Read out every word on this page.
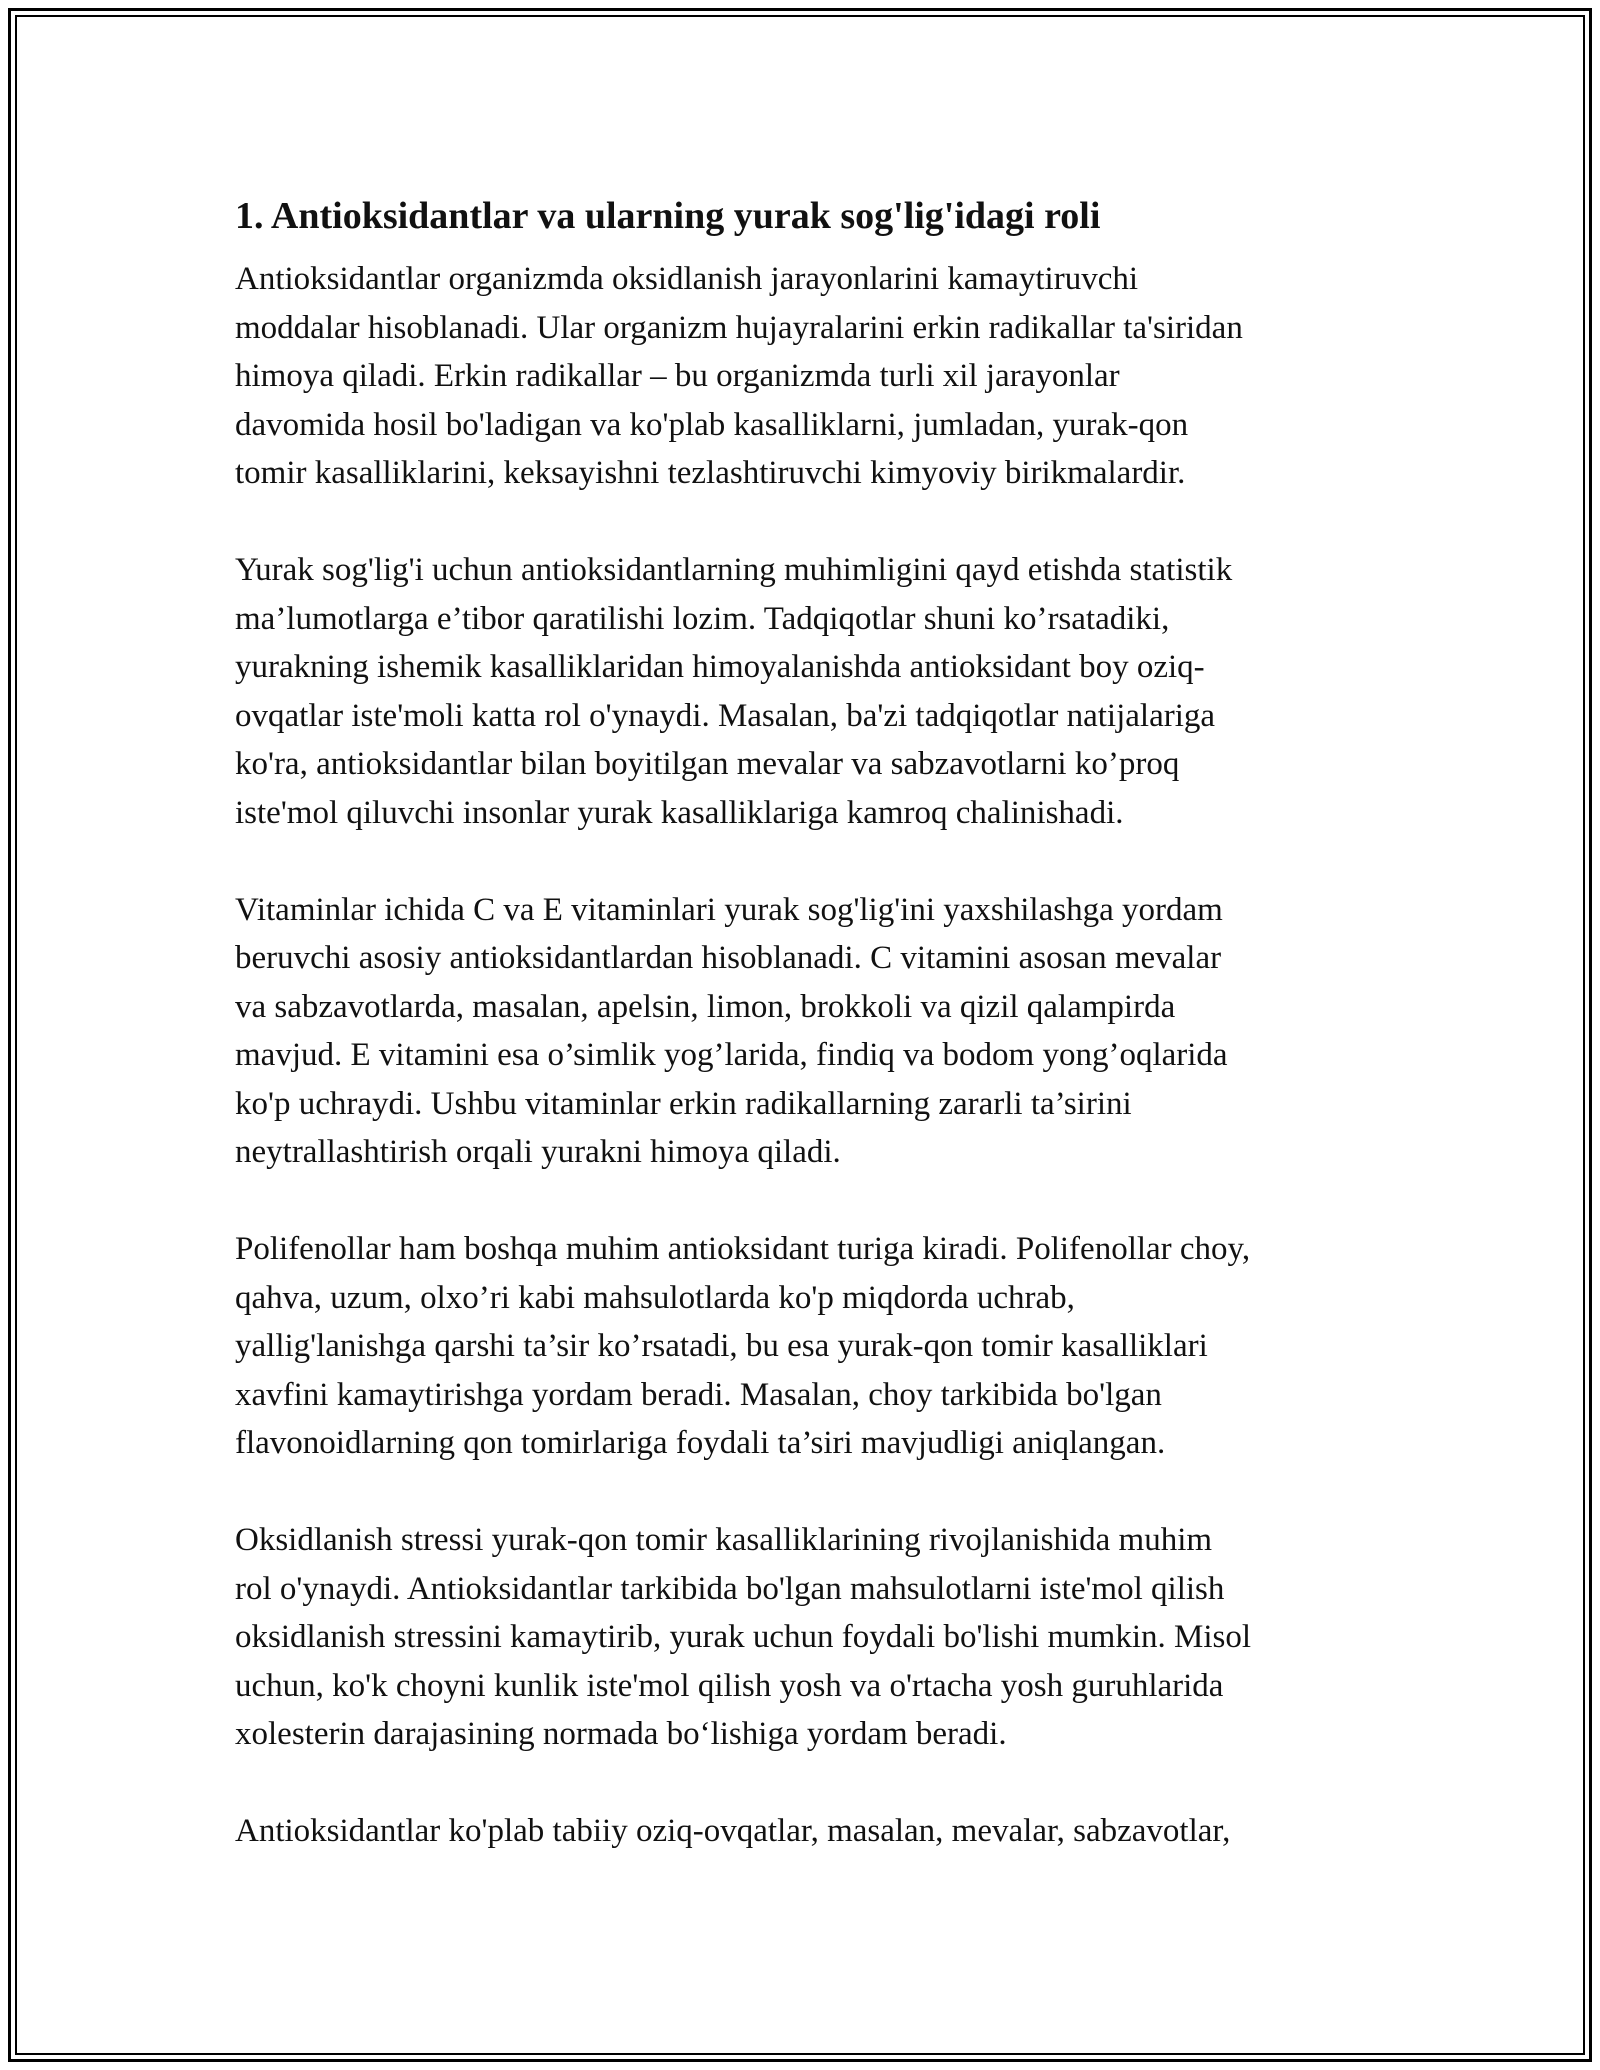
1. Antioksidantlar va ularning yurak sog'lig'idagi roli

Antioksidantlar organizmda oksidlanish jarayonlarini kamaytiruvchi
moddalar hisoblanadi. Ular organizm hujayralarini erkin radikallar ta'siridan
himoya qiladi. Erkin radikallar – bu organizmda turli xil jarayonlar
davomida hosil bo'ladigan va ko'plab kasalliklarni, jumladan, yurak-qon
tomir kasalliklarini, keksayishni tezlashtiruvchi kimyoviy birikmalardir.

Yurak sog'lig'i uchun antioksidantlarning muhimligini qayd etishda statistik
ma’lumotlarga e’tibor qaratilishi lozim. Tadqiqotlar shuni ko’rsatadiki,
yurakning ishemik kasalliklaridan himoyalanishda antioksidant boy oziq-
ovqatlar iste'moli katta rol o'ynaydi. Masalan, ba'zi tadqiqotlar natijalariga
ko'ra, antioksidantlar bilan boyitilgan mevalar va sabzavotlarni ko’proq
iste'mol qiluvchi insonlar yurak kasalliklariga kamroq chalinishadi.

Vitaminlar ichida C va E vitaminlari yurak sog'lig'ini yaxshilashga yordam
beruvchi asosiy antioksidantlardan hisoblanadi. C vitamini asosan mevalar
va sabzavotlarda, masalan, apelsin, limon, brokkoli va qizil qalampirda
mavjud. E vitamini esa o’simlik yog’larida, findiq va bodom yong’oqlarida
ko'p uchraydi. Ushbu vitaminlar erkin radikallarning zararli ta’sirini
neytrallashtirish orqali yurakni himoya qiladi.

Polifenollar ham boshqa muhim antioksidant turiga kiradi. Polifenollar choy,
qahva, uzum, olxo’ri kabi mahsulotlarda ko'p miqdorda uchrab,
yallig'lanishga qarshi ta’sir ko’rsatadi, bu esa yurak-qon tomir kasalliklari
xavfini kamaytirishga yordam beradi. Masalan, choy tarkibida bo'lgan
flavonoidlarning qon tomirlariga foydali ta’siri mavjudligi aniqlangan.

Oksidlanish stressi yurak-qon tomir kasalliklarining rivojlanishida muhim
rol o'ynaydi. Antioksidantlar tarkibida bo'lgan mahsulotlarni iste'mol qilish
oksidlanish stressini kamaytirib, yurak uchun foydali bo'lishi mumkin. Misol
uchun, ko'k choyni kunlik iste'mol qilish yosh va o'rtacha yosh guruhlarida
xolesterin darajasining normada bo‘lishiga yordam beradi.

Antioksidantlar ko'plab tabiiy oziq-ovqatlar, masalan, mevalar, sabzavotlar,
